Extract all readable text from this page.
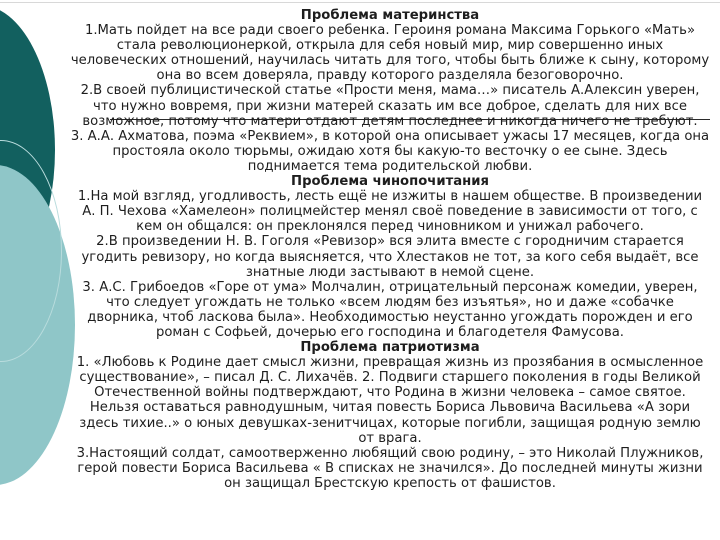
Проблема материнства

1.Мать пойдет на все ради своего ребенка. Героиня романа Максима Горького «Мать» стала революционеркой, открыла для себя новый мир, мир совершенно иных человеческих отношений, научилась читать для того, чтобы быть ближе к сыну, которому она во всем доверяла, правду которого разделяла безоговорочно.

2.В своей публицистической статье «Прости меня, мама…» писатель А.Алексин уверен, что нужно вовремя, при жизни матерей сказать им все доброе, сделать для них все возможное, потому что матери отдают детям последнее и никогда ничего не требуют.

3. А.А. Ахматова, поэма «Реквием», в которой она описывает ужасы 17 месяцев, когда она простояла около тюрьмы, ожидаю хотя бы какую-то весточку о ее сыне. Здесь поднимается тема родительской любви.

Проблема чинопочитания

1.На мой взгляд, угодливость, лесть ещё не изжиты в нашем обществе. В произведении А. П. Чехова «Хамелеон» полицмейстер менял своё поведение в зависимости от того, с кем он общался: он преклонялся перед чиновником и унижал рабочего.

2.В произведении Н. В. Гоголя «Ревизор» вся элита вместе с городничим старается угодить ревизору, но когда выясняется, что Хлестаков не тот, за кого себя выдаёт, все знатные люди застывают в немой сцене.

3. А.С. Грибоедов «Горе от ума» Молчалин, отрицательный персонаж комедии, уверен, что следует угождать не только «всем людям без изъятья», но и даже «собачке дворника, чтоб ласкова была». Необходимостью неустанно угождать порожден и его роман с Софьей, дочерью его господина и благодетеля Фамусова.

Проблема патриотизма

1. «Любовь к Родине дает смысл жизни, превращая жизнь из прозябания в осмысленное существование», – писал Д. С. Лихачёв. 2. Подвиги старшего поколения в годы Великой Отечественной войны подтверждают, что Родина в жизни человека – самое святое. Нельзя оставаться равнодушным, читая повесть Бориса Львовича Васильева «А зори здесь тихие..» о юных девушках-зенитчицах, которые погибли, защищая родную землю от врага.

3.Настоящий солдат, самоотверженно любящий свою родину, – это Николай Плужников, герой повести Бориса Васильева « В списках не значился». До последней минуты жизни он защищал Брестскую крепость от фашистов.
